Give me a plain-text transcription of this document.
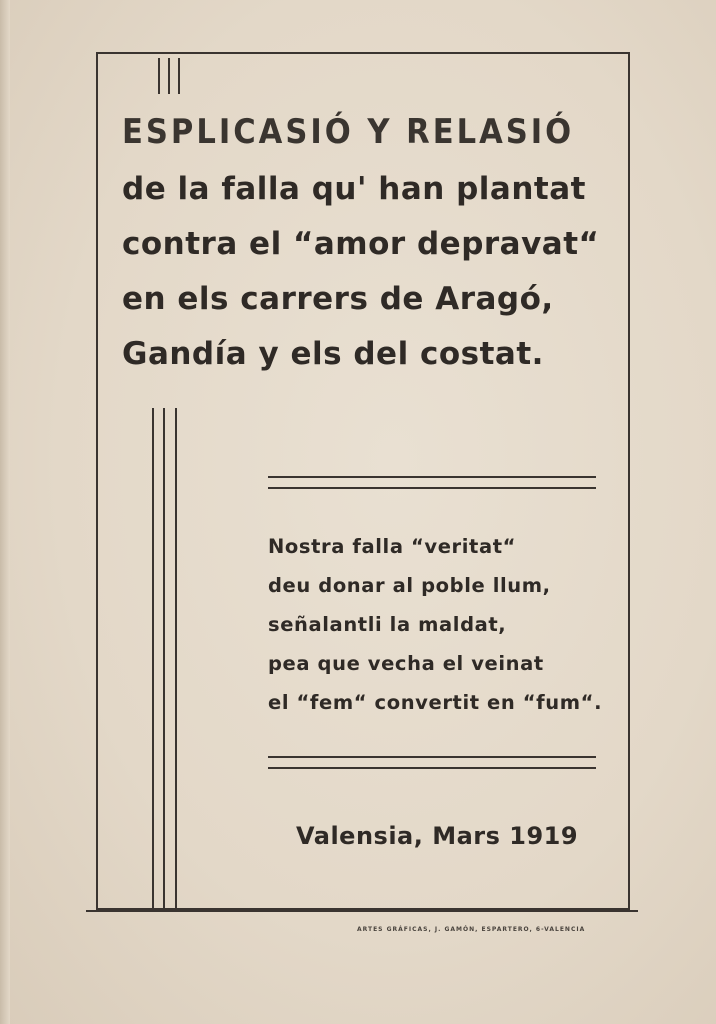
ESPLICASIÓ Y RELASIÓ

de la falla qu' han plantat

contra el “amor depravat“

en els carrers de Aragó,

Gandía y els del costat.

Nostra falla “veritat“

deu donar al poble llum,

señalantli la maldat,

pea que vecha el veinat

el “fem“ convertit en “fum“.

Valensia, Mars 1919
ARTES GRÁFICAS, J. GAMÓN, ESPARTERO, 6-VALENCIA
